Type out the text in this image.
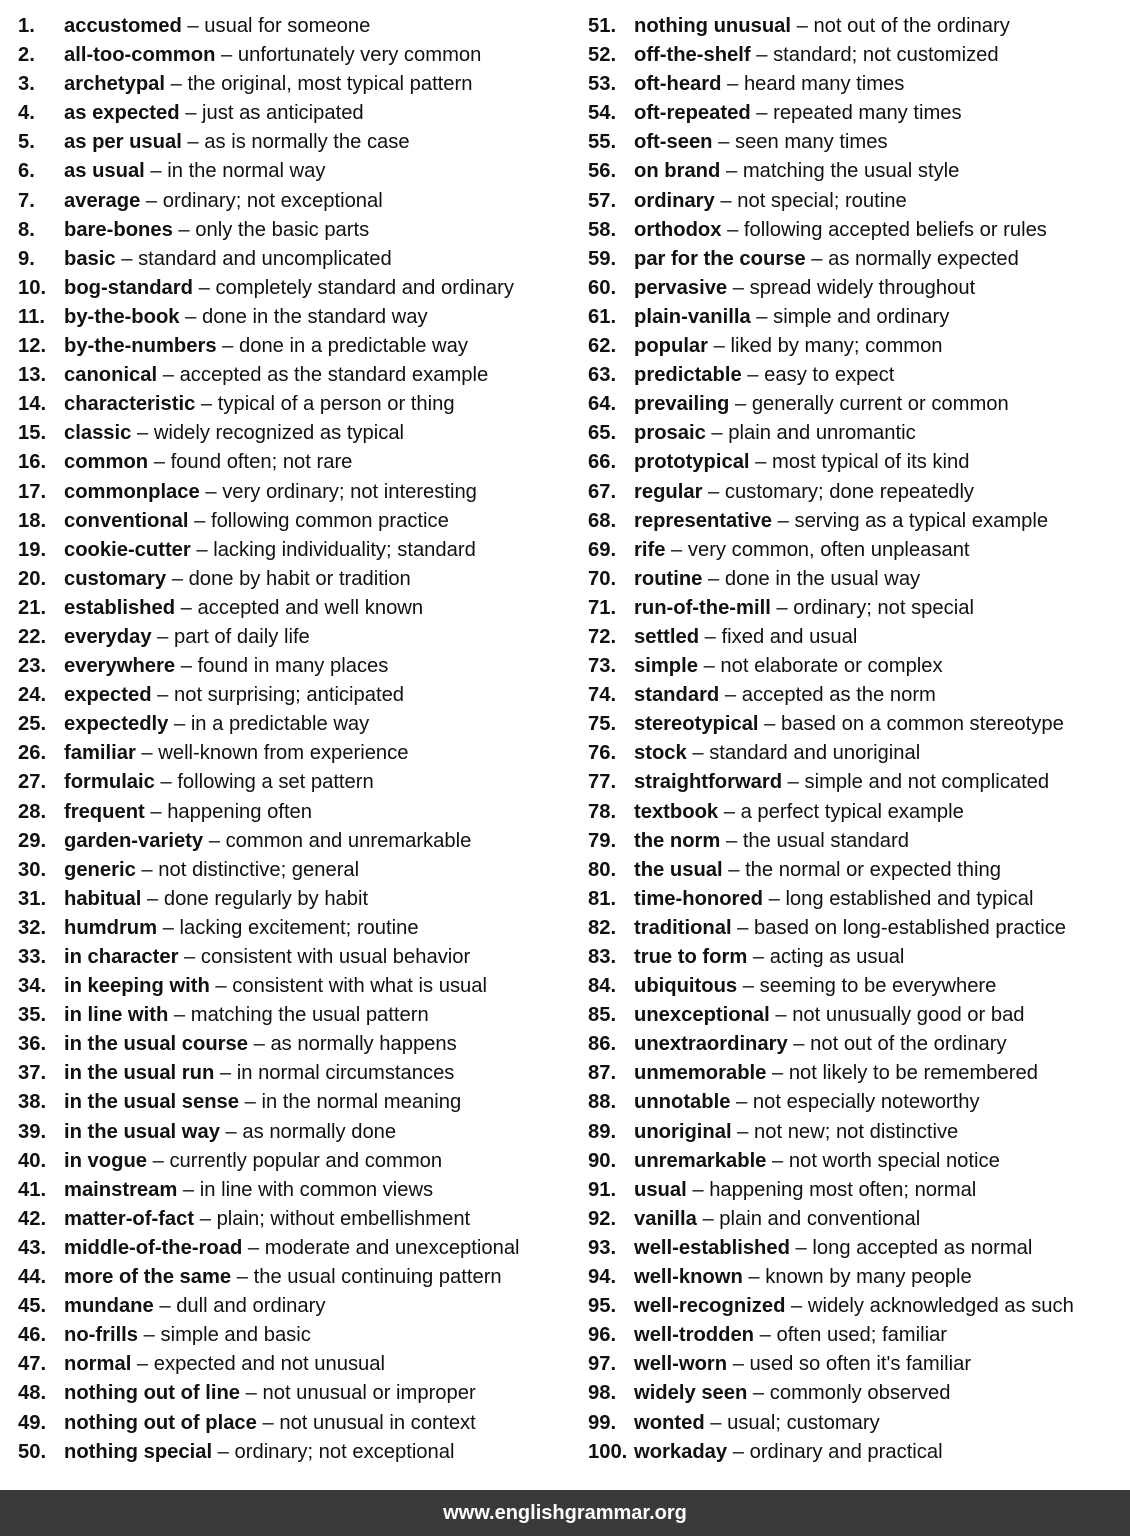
1.	accustomed – usual for someone
2.	all-too-common – unfortunately very common
3.	archetypal – the original, most typical pattern
4.	as expected – just as anticipated
5.	as per usual – as is normally the case
6.	as usual – in the normal way
7.	average – ordinary; not exceptional
8.	bare-bones – only the basic parts
9.	basic – standard and uncomplicated
10. bog-standard – completely standard and ordinary
11. by-the-book – done in the standard way
12. by-the-numbers – done in a predictable way
13. canonical – accepted as the standard example
14. characteristic – typical of a person or thing
15. classic – widely recognized as typical
16. common – found often; not rare
17. commonplace – very ordinary; not interesting
18. conventional – following common practice
19. cookie-cutter – lacking individuality; standard
20. customary – done by habit or tradition
21. established – accepted and well known
22. everyday – part of daily life
23. everywhere – found in many places
24. expected – not surprising; anticipated
25. expectedly – in a predictable way
26. familiar – well-known from experience
27. formulaic – following a set pattern
28. frequent – happening often
29. garden-variety – common and unremarkable
30. generic – not distinctive; general
31. habitual – done regularly by habit
32. humdrum – lacking excitement; routine
33. in character – consistent with usual behavior
34. in keeping with – consistent with what is usual
35. in line with – matching the usual pattern
36. in the usual course – as normally happens
37. in the usual run – in normal circumstances
38. in the usual sense – in the normal meaning
39. in the usual way – as normally done
40. in vogue – currently popular and common
41. mainstream – in line with common views
42. matter-of-fact – plain; without embellishment
43. middle-of-the-road – moderate and unexceptional
44. more of the same – the usual continuing pattern
45. mundane – dull and ordinary
46. no-frills – simple and basic
47. normal – expected and not unusual
48. nothing out of line – not unusual or improper
49. nothing out of place – not unusual in context
50. nothing special – ordinary; not exceptional
51. nothing unusual – not out of the ordinary
52. off-the-shelf – standard; not customized
53. oft-heard – heard many times
54. oft-repeated – repeated many times
55. oft-seen – seen many times
56. on brand – matching the usual style
57. ordinary – not special; routine
58. orthodox – following accepted beliefs or rules
59. par for the course – as normally expected
60. pervasive – spread widely throughout
61. plain-vanilla – simple and ordinary
62. popular – liked by many; common
63. predictable – easy to expect
64. prevailing – generally current or common
65. prosaic – plain and unromantic
66. prototypical – most typical of its kind
67. regular – customary; done repeatedly
68. representative – serving as a typical example
69. rife – very common, often unpleasant
70. routine – done in the usual way
71. run-of-the-mill – ordinary; not special
72. settled – fixed and usual
73. simple – not elaborate or complex
74. standard – accepted as the norm
75. stereotypical – based on a common stereotype
76. stock – standard and unoriginal
77. straightforward – simple and not complicated
78. textbook – a perfect typical example
79. the norm – the usual standard
80. the usual – the normal or expected thing
81. time-honored – long established and typical
82. traditional – based on long-established practice
83. true to form – acting as usual
84. ubiquitous – seeming to be everywhere
85. unexceptional – not unusually good or bad
86. unextraordinary – not out of the ordinary
87. unmemorable – not likely to be remembered
88. unnotable – not especially noteworthy
89. unoriginal – not new; not distinctive
90. unremarkable – not worth special notice
91. usual – happening most often; normal
92. vanilla – plain and conventional
93. well-established – long accepted as normal
94. well-known – known by many people
95. well-recognized – widely acknowledged as such
96. well-trodden – often used; familiar
97. well-worn – used so often it's familiar
98. widely seen – commonly observed
99. wonted – usual; customary
100. workaday – ordinary and practical
www.englishgrammar.org
